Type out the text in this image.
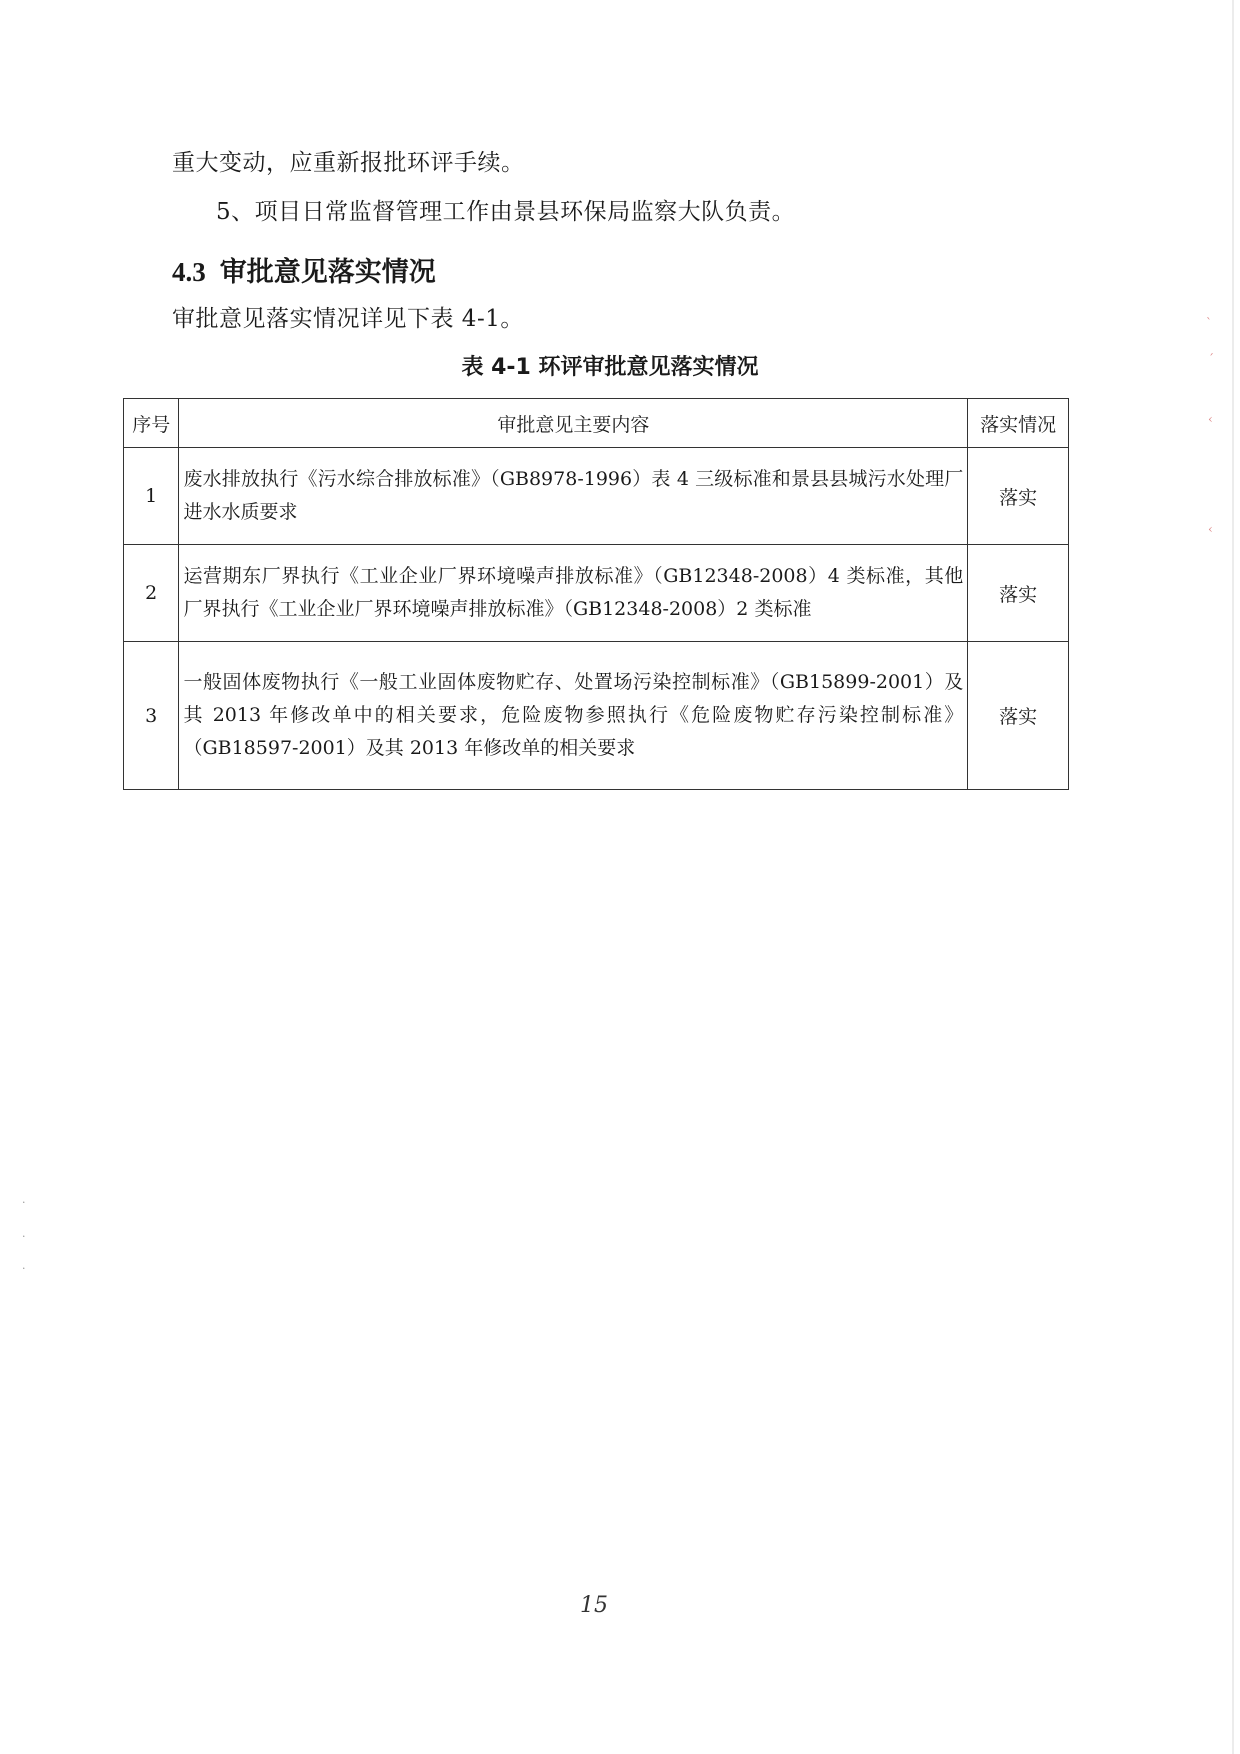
重大变动，应重新报批环评手续。
5、项目日常监督管理工作由景县环保局监察大队负责。
4.3 审批意见落实情况
审批意见落实情况详见下表 4-1。
表 4-1 环评审批意见落实情况
序号	审批意见主要内容	落实情况
1	废水排放执行《污水综合排放标准》（GB8978-1996）表 4 三级标准和景县县城污水处理厂进水水质要求	落实
2	运营期东厂界执行《工业企业厂界环境噪声排放标准》（GB12348-2008）4 类标准，其他厂界执行《工业企业厂界环境噪声排放标准》（GB12348-2008）2 类标准	落实
3	一般固体废物执行《一般工业固体废物贮存、处置场污染控制标准》（GB15899-2001）及其 2013 年修改单中的相关要求，危险废物参照执行《危险废物贮存污染控制标准》（GB18597-2001）及其 2013 年修改单的相关要求	落实
15
ˋ
ˊ
‹
‹
·
·
·
